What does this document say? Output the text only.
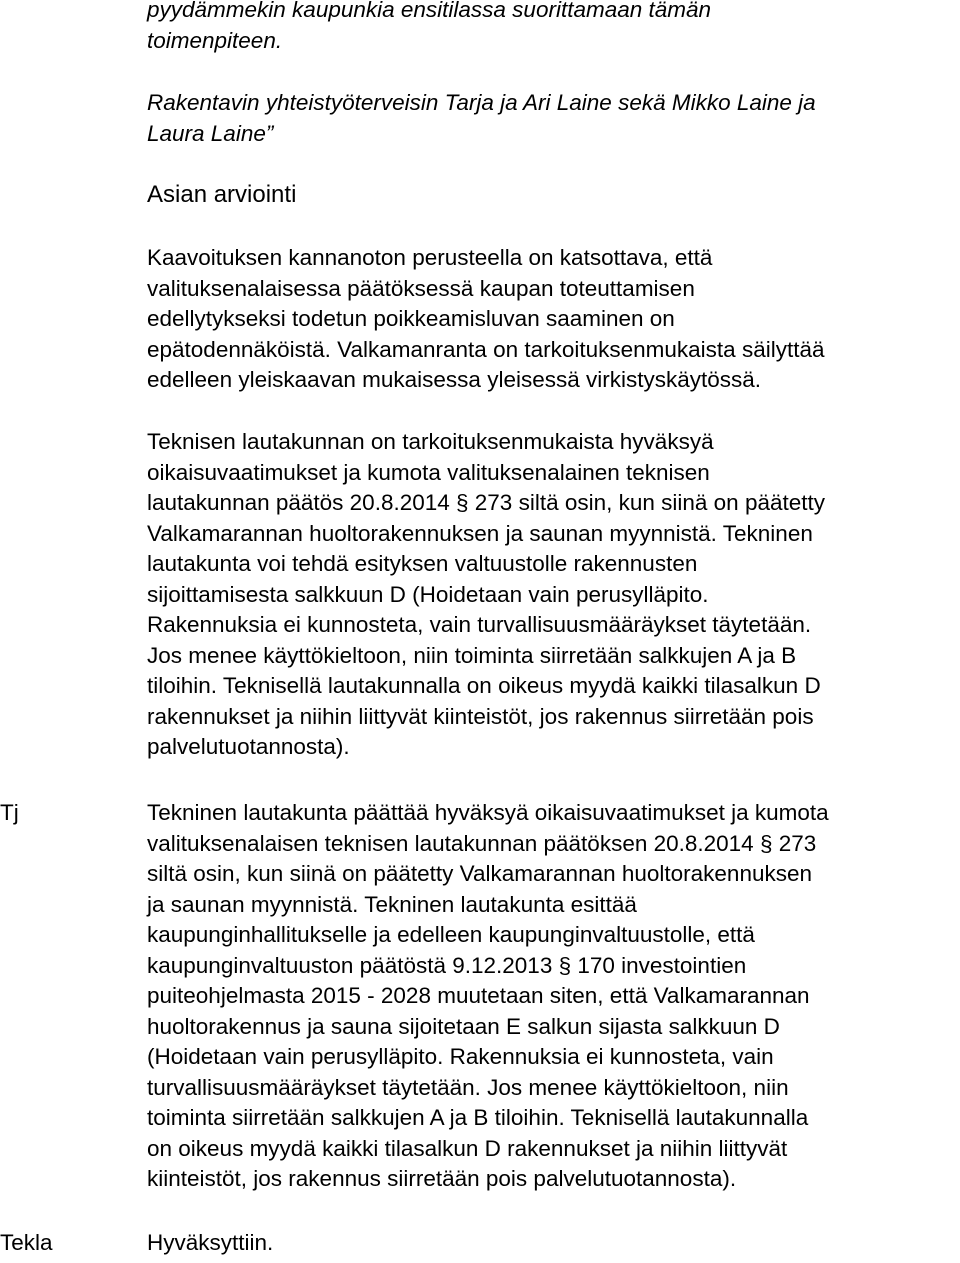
pyydämmekin kaupunkia ensitilassa suorittamaan tämän
toimenpiteen.
Rakentavin yhteistyöterveisin Tarja ja Ari Laine sekä Mikko Laine ja
Laura Laine”
Asian arviointi
Kaavoituksen kannanoton perusteella on katsottava, että
valituksenalaisessa päätöksessä kaupan toteuttamisen
edellytykseksi todetun poikkeamisluvan saaminen on
epätodennäköistä. Valkamanranta on tarkoituksenmukaista säilyttää
edelleen yleiskaavan mukaisessa yleisessä virkistyskäytössä.
Teknisen lautakunnan on tarkoituksenmukaista hyväksyä
oikaisuvaatimukset ja kumota valituksenalainen teknisen
lautakunnan päätös 20.8.2014 § 273 siltä osin, kun siinä on päätetty
Valkamarannan huoltorakennuksen ja saunan myynnistä. Tekninen
lautakunta voi tehdä esityksen valtuustolle rakennusten
sijoittamisesta salkkuun D (Hoidetaan vain perusylläpito.
Rakennuksia ei kunnosteta, vain turvallisuusmääräykset täytetään.
Jos menee käyttökieltoon, niin toiminta siirretään salkkujen A ja B
tiloihin. Teknisellä lautakunnalla on oikeus myydä kaikki tilasalkun D
rakennukset ja niihin liittyvät kiinteistöt, jos rakennus siirretään pois
palvelutuotannosta).
Tj	Tekninen lautakunta päättää hyväksyä oikaisuvaatimukset ja kumota
valituksenalaisen teknisen lautakunnan päätöksen 20.8.2014 § 273
siltä osin, kun siinä on päätetty Valkamarannan huoltorakennuksen
ja saunan myynnistä. Tekninen lautakunta esittää
kaupunginhallitukselle ja edelleen kaupunginvaltuustolle, että
kaupunginvaltuuston päätöstä 9.12.2013 § 170 investointien
puiteohjelmasta 2015 - 2028 muutetaan siten, että Valkamarannan
huoltorakennus ja sauna sijoitetaan E salkun sijasta salkkuun D
(Hoidetaan vain perusylläpito. Rakennuksia ei kunnosteta, vain
turvallisuusmääräykset täytetään. Jos menee käyttökieltoon, niin
toiminta siirretään salkkujen A ja B tiloihin. Teknisellä lautakunnalla
on oikeus myydä kaikki tilasalkun D rakennukset ja niihin liittyvät
kiinteistöt, jos rakennus siirretään pois palvelutuotannosta).
Tekla	Hyväksyttiin.
